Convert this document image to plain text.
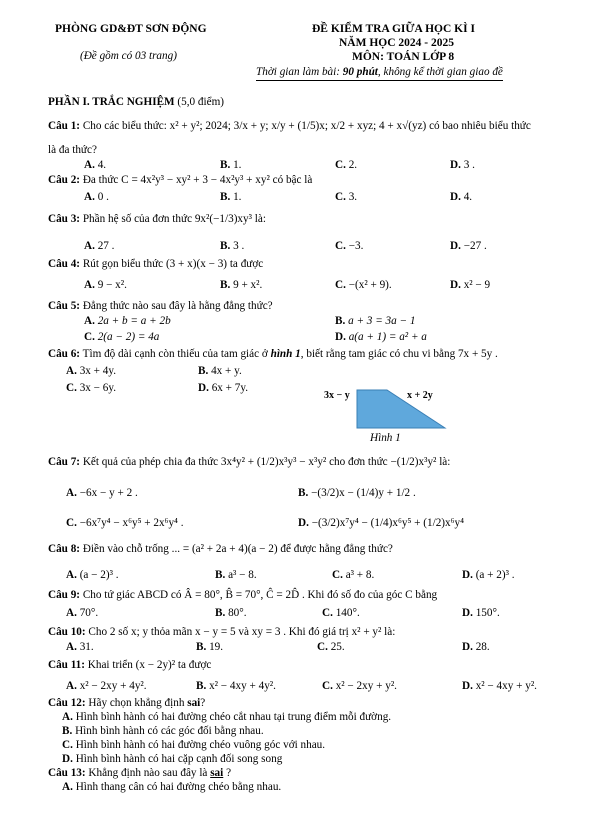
PHÒNG GD&ĐT SƠN ĐỘNG
(Đề gồm có 03 trang)
ĐỀ KIỂM TRA GIỮA HỌC KÌ I
NĂM HỌC 2024 - 2025
MÔN: TOÁN LỚP 8
Thời gian làm bài: 90 phút, không kể thời gian giao đề
PHẦN I. TRẮC NGHIỆM (5,0 điểm)
Câu 1: Cho các biểu thức: x² + y²; 2024; 3/x + y; x/y + (1/5)x; x/2 + xyz; 4 + x√(yz) có bao nhiêu biểu thức
là đa thức?
A. 4.	B. 1.	C. 2.	D. 3 .
Câu 2: Đa thức C = 4x²y³ − xy² + 3 − 4x²y³ + xy² có bậc là
A. 0 .	B. 1.	C. 3.	D. 4.
Câu 3: Phần hệ số của đơn thức 9x²(−1/3)xy³ là:
A. 27 .	B. 3 .	C. −3.	D. −27 .
Câu 4: Rút gọn biểu thức (3 + x)(x − 3) ta được
A. 9 − x².	B. 9 + x².	C. −(x² + 9).	D. x² − 9
Câu 5: Đẳng thức nào sau đây là hằng đẳng thức?
A. 2a + b = a + 2b	B. a + 3 = 3a − 1
C. 2(a − 2) = 4a	D. a(a + 1) = a² + a
Câu 6: Tìm độ dài cạnh còn thiếu của tam giác ở hình 1, biết rằng tam giác có chu vi bằng 7x + 5y .
A. 3x + 4y.	B. 4x + y.
C. 3x − 6y.	D. 6x + 7y.
3x − y	x + 2y
Hình 1
Câu 7: Kết quả của phép chia đa thức 3x⁴y² + (1/2)x³y³ − x³y² cho đơn thức −(1/2)x³y² là:
A. −6x − y + 2 .	B. −(3/2)x − (1/4)y + 1/2 .
C. −6x⁷y⁴ − x⁶y⁵ + 2x⁶y⁴ .	D. −(3/2)x⁷y⁴ − (1/4)x⁶y⁵ + (1/2)x⁶y⁴
Câu 8: Điền vào chỗ trống ... = (a² + 2a + 4)(a − 2) để được hằng đẳng thức?
A. (a − 2)³ .	B. a³ − 8.	C. a³ + 8.	D. (a + 2)³ .
Câu 9: Cho tứ giác ABCD có Â = 80°, B̂ = 70°, Ĉ = 2D̂ . Khi đó số đo của góc C bằng
A. 70°.	B. 80°.	C. 140°.	D. 150°.
Câu 10: Cho 2 số x; y thỏa mãn x − y = 5 và xy = 3 . Khi đó giá trị x² + y² là:
A. 31.	B. 19.	C. 25.	D. 28.
Câu 11: Khai triển (x − 2y)² ta được
A. x² − 2xy + 4y².	B. x² − 4xy + 4y².	C. x² − 2xy + y².	D. x² − 4xy + y².
Câu 12: Hãy chọn khẳng định sai?
A. Hình bình hành có hai đường chéo cắt nhau tại trung điểm mỗi đường.
B. Hình bình hành có các góc đối bằng nhau.
C. Hình bình hành có hai đường chéo vuông góc với nhau.
D. Hình bình hành có hai cặp cạnh đối song song
Câu 13: Khẳng định nào sau đây là sai ?
A. Hình thang cân có hai đường chéo bằng nhau.
